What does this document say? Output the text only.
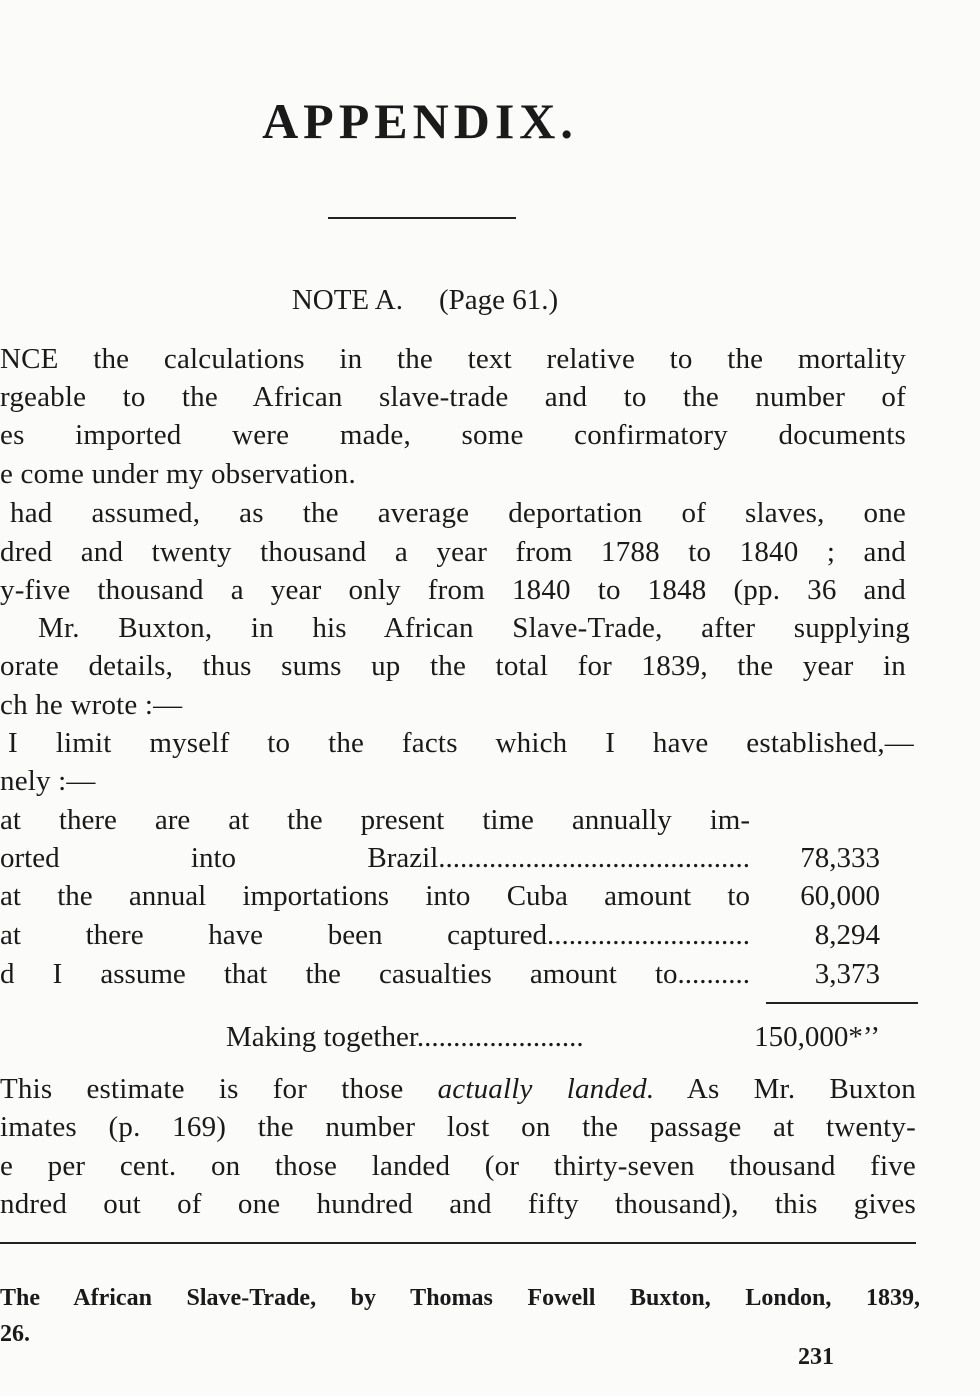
APPENDIX.
NOTE A. (Page 61.)
NCE the calculations in the text relative to the mortality
rgeable to the African slave-trade and to the number of
es imported were made, some confirmatory documents
e come under my observation.
had assumed, as the average deportation of slaves, one
dred and twenty thousand a year from 1788 to 1840 ; and
y-five thousand a year only from 1840 to 1848 (pp. 36 and
Mr. Buxton, in his African Slave-Trade, after supplying
orate details, thus sums up the total for 1839, the year in
ch he wrote :—
I limit myself to the facts which I have established,—
nely :—
at there are at the present time annually im-
orted into Brazil...........................................	78,333
at the annual importations into Cuba amount to	60,000
at there have been captured............................	8,294
d I assume that the casualties amount to..........	3,373
Making together.......................	150,000*’’
This estimate is for those actually landed. As Mr. Buxton
imates (p. 169) the number lost on the passage at twenty-
e per cent. on those landed (or thirty-seven thousand five
ndred out of one hundred and fifty thousand), this gives
The African Slave-Trade, by Thomas Fowell Buxton, London, 1839,
26.
231
